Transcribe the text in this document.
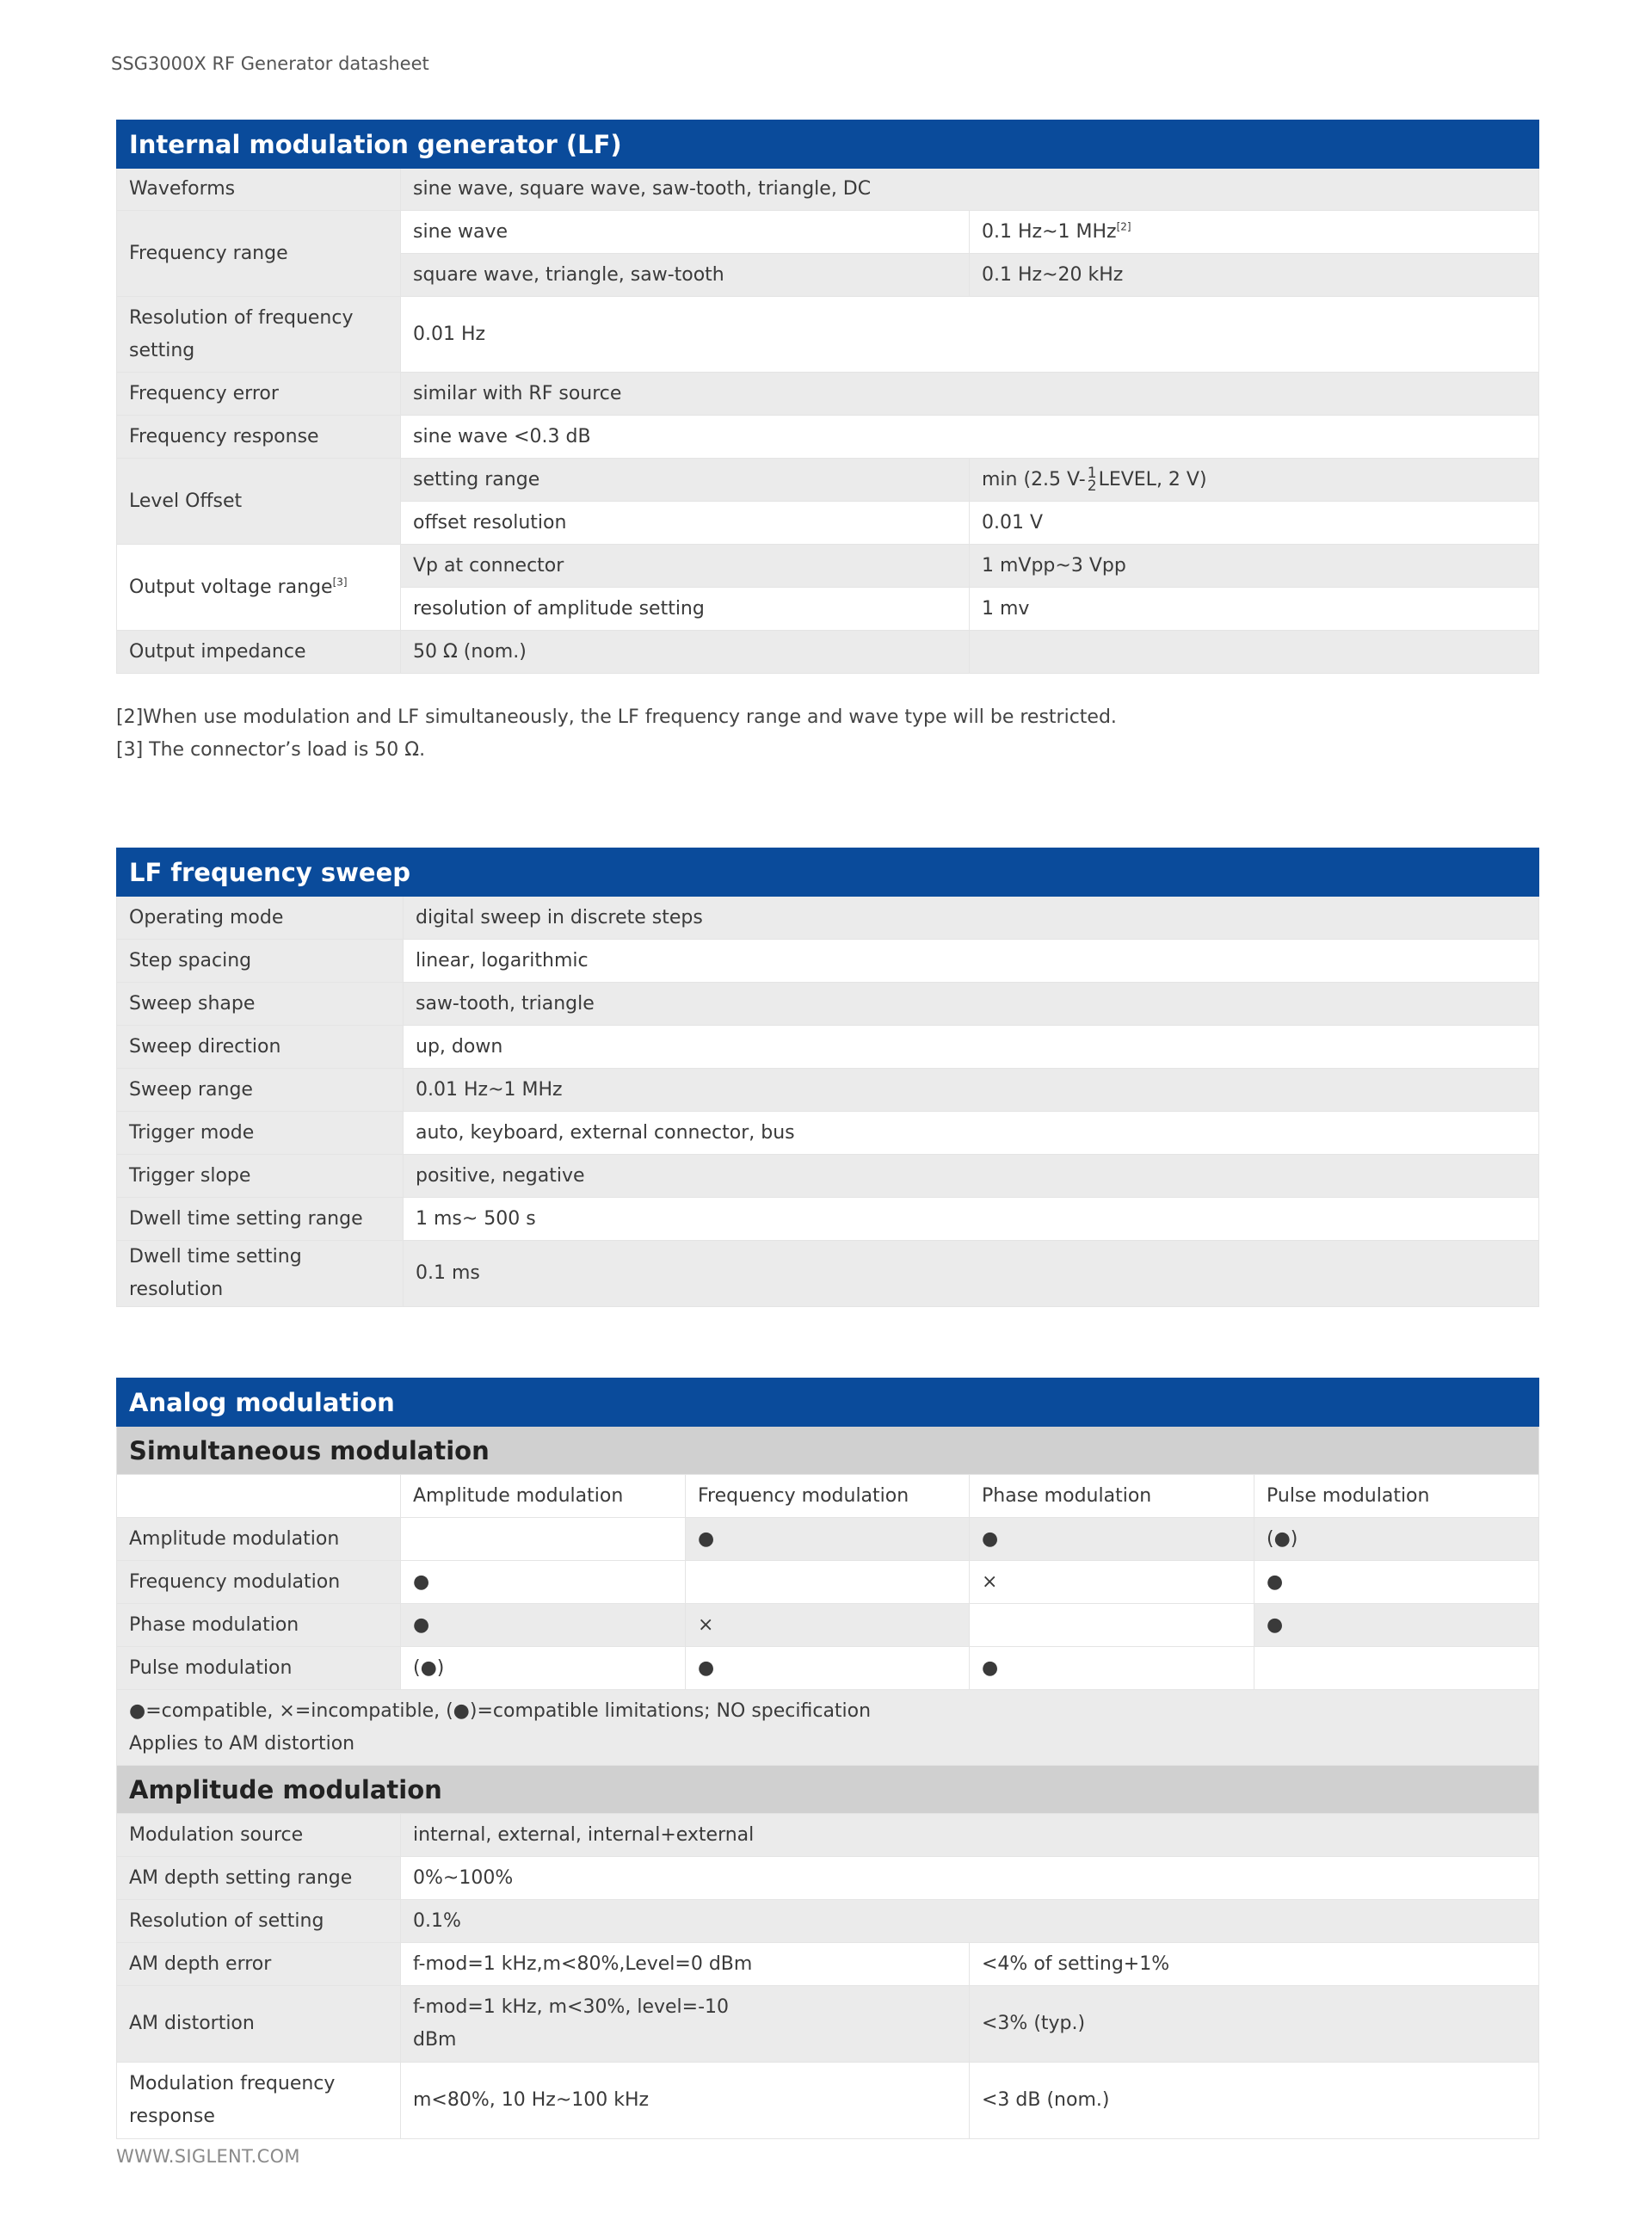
SSG3000X RF Generator datasheet
Internal modulation generator (LF)		
Waveforms	sine wave, square wave, saw-tooth, triangle, DC	
Frequency range	sine wave	0.1 Hz~1 MHz[2]
	square wave, triangle, saw-tooth	0.1 Hz~20 kHz
Resolution of frequency setting	0.01 Hz	
Frequency error	similar with RF source	
Frequency response	sine wave <0.3 dB	
Level Offset	setting range	min (2.5 V- 1
2 LEVEL, 2 V)
	offset resolution	0.01 V
Output voltage range[3]	Vp at connector	1 mVpp~3 Vpp
	resolution of amplitude setting	1 mv
Output impedance	50 Ω (nom.)	
[2]When use modulation and LF simultaneously, the LF frequency range and wave type will be restricted.
[3] The connector’s load is 50 Ω.
LF frequency sweep	
Operating mode	digital sweep in discrete steps
Step spacing	linear, logarithmic
Sweep shape	saw-tooth, triangle
Sweep direction	up, down
Sweep range	0.01 Hz~1 MHz
Trigger mode	auto, keyboard, external connector, bus
Trigger slope	positive, negative
Dwell time setting range	1 ms~ 500 s
Dwell time setting resolution	0.1 ms
Analog modulation				
Simultaneous modulation				
	Amplitude modulation	Frequency modulation	Phase modulation	Pulse modulation
Amplitude modulation		●	●	(●)
Frequency modulation	●		×	●
Phase modulation	●	×		●
Pulse modulation	(●)	●	●	

●=compatible, ×=incompatible, (●)=compatible limitations; NO specification
Applies to AM distortion				

Amplitude modulation				
Modulation source	internal, external, internal+external			
AM depth setting range	0%~100%			
Resolution of setting	0.1%			
AM depth error	f-mod=1 kHz,m<80%,Level=0 dBm		<4% of setting+1%	
AM distortion	f-mod=1 kHz, m<30%, level=-10 dBm		<3% (typ.)	
Modulation frequency response	m<80%, 10 Hz~100 kHz		<3 dB (nom.)	
WWW.SIGLENT.COM
